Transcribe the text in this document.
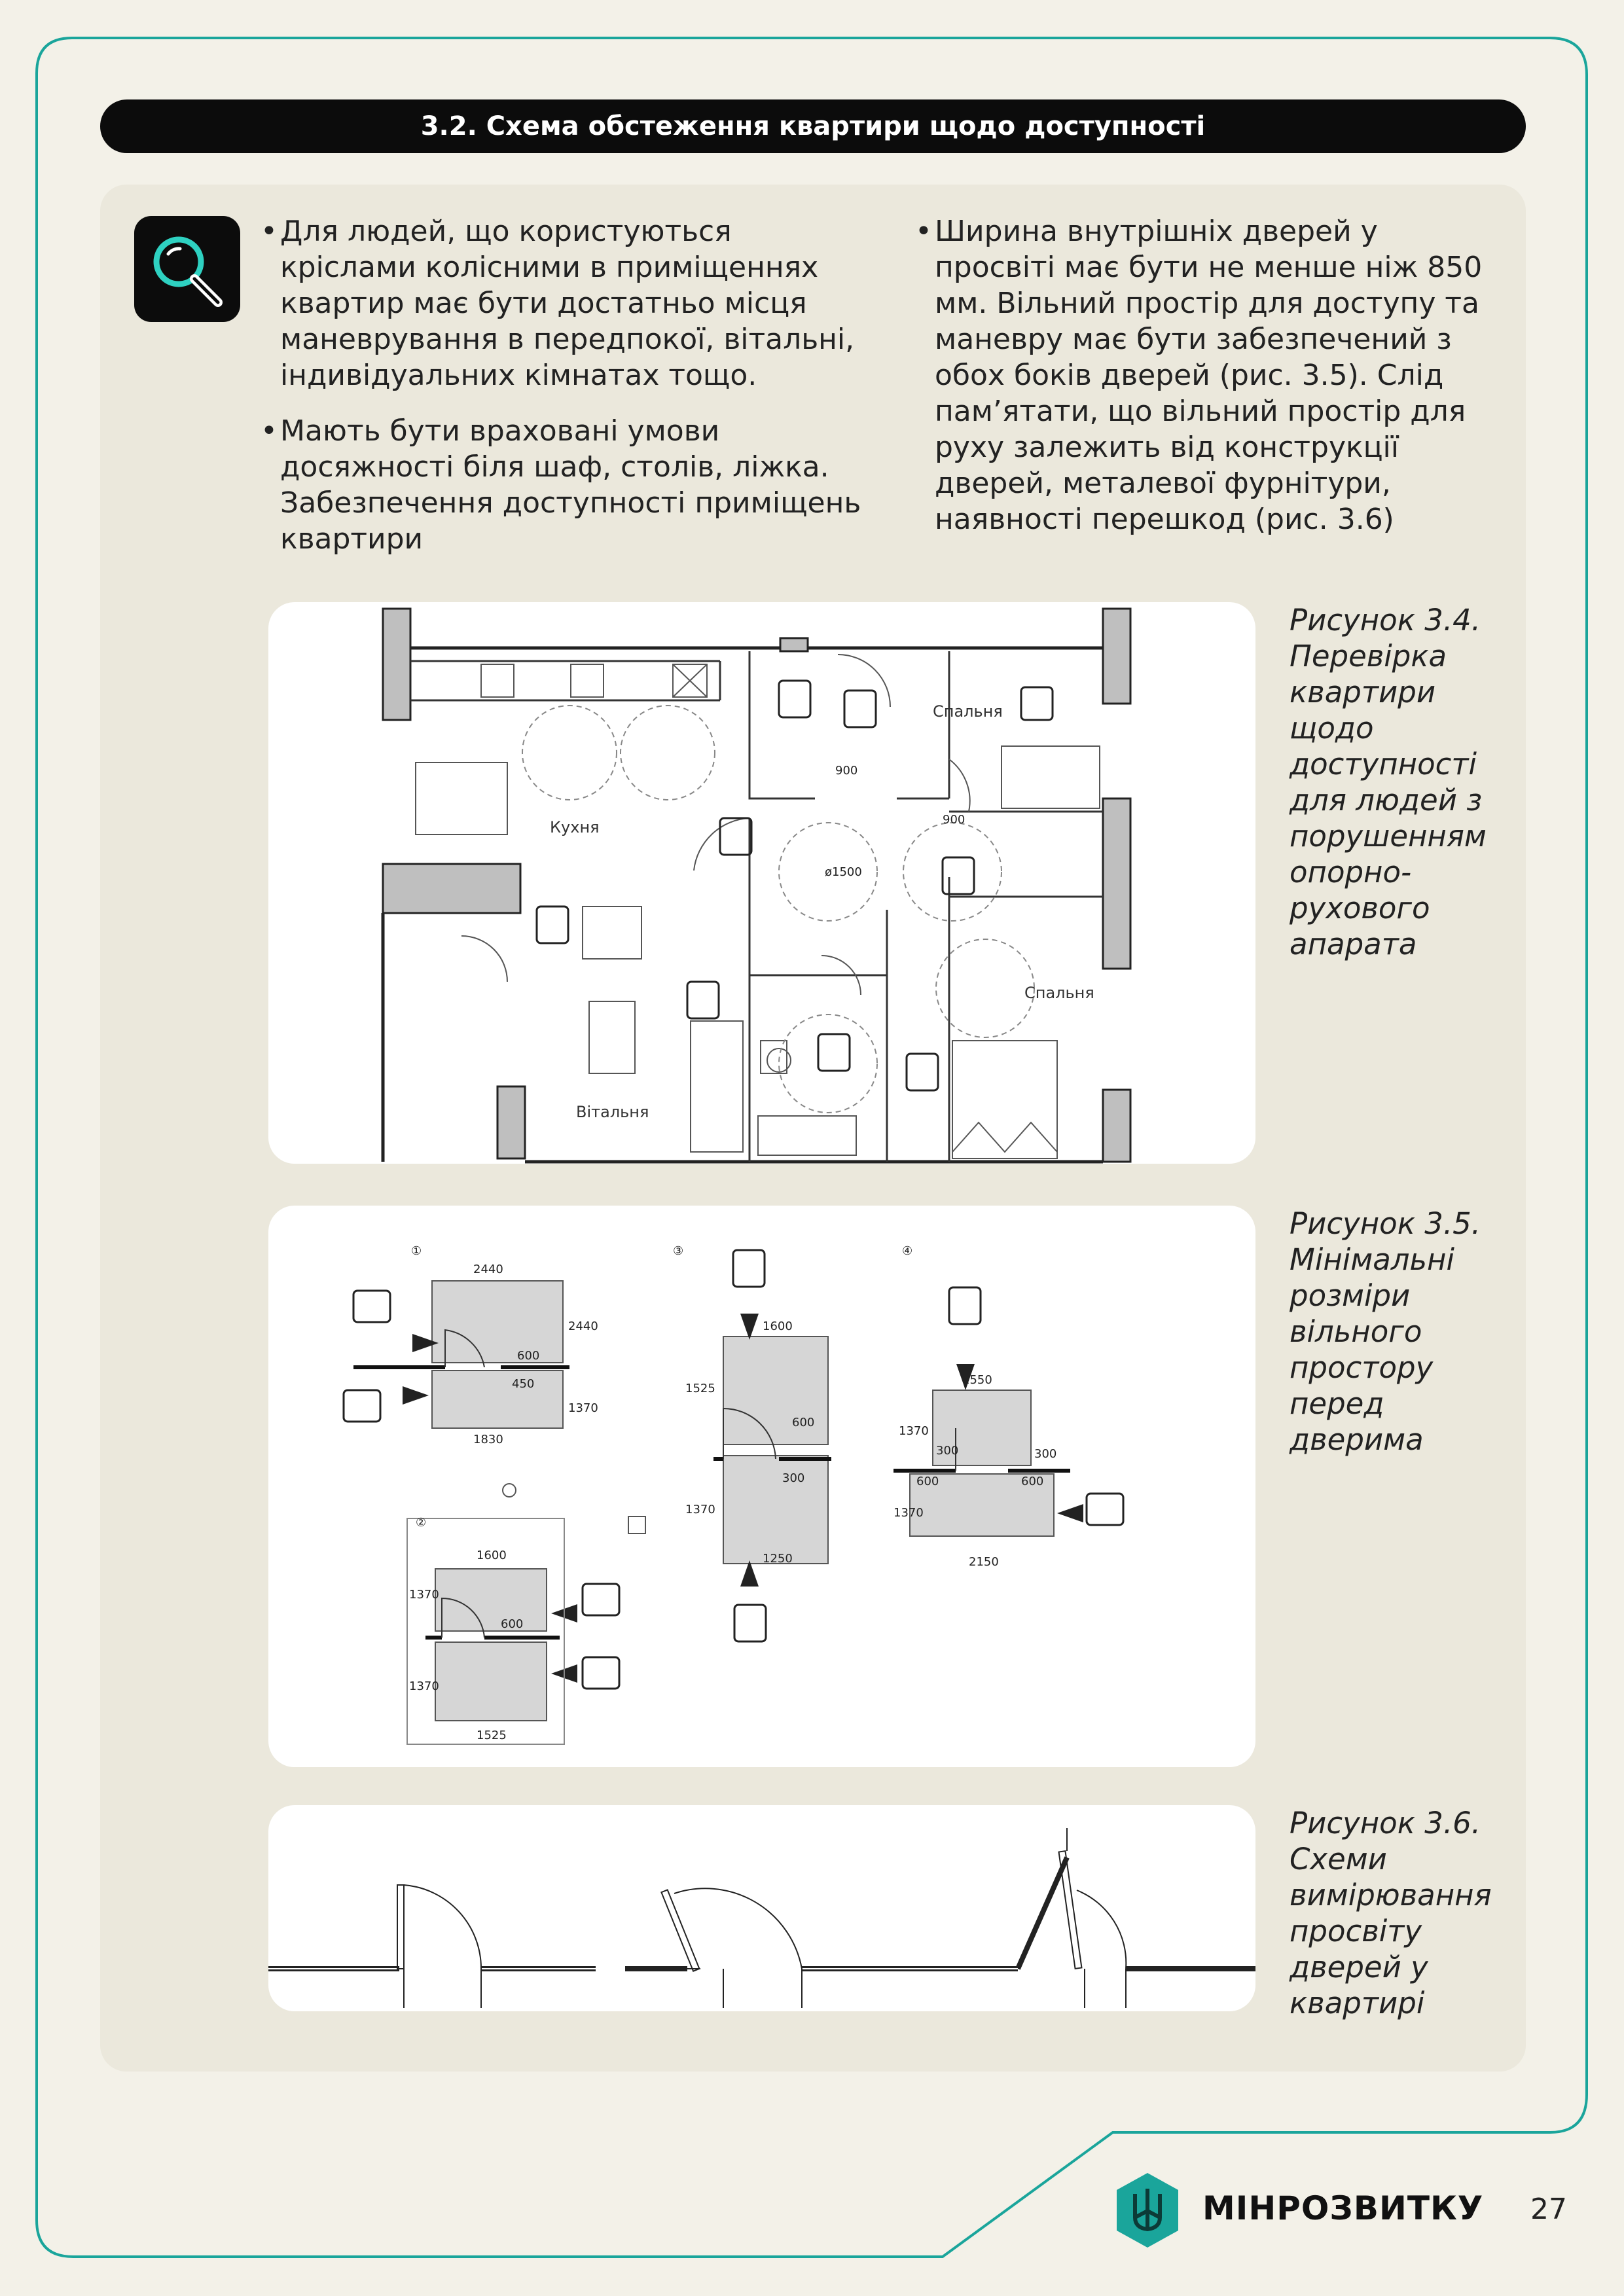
3.2. Схема обстеження квартири щодо доступності
• Для людей, що користуються кріслами колісними в приміщеннях квартир має бути достатньо місця маневрування в передпокої, вітальні, індивідуальних кімнатах тощо.
• Мають бути враховані умови досяжності біля шаф, столів, ліжка. Забезпечення доступності приміщень квартири
• Ширина внутрішніх дверей у просвіті має бути не менше ніж 850 мм. Вільний простір для доступу та маневру має бути забезпечений з обох боків дверей (рис. 3.5). Слід пам’ятати, що вільний простір для руху залежить від конструкції дверей, металевої фурнітури, наявності перешкод (рис. 3.6)
Кухня
Вітальня
Спальня
Спальня
900
900
ø1500
Рисунок 3.4. Перевірка квартири щодо доступності для людей з порушенням опорно-рухового апарата
①
2440
2440
600
450
1370
1830
②
1600
600
1370
1370
1525
③
1600
1525
600
300
1370
1250
④
1550
1370
300	300
600	600
1370
2150
Рисунок 3.5. Мінімальні розміри вільного простору перед дверима
Рисунок 3.6. Схеми вимірювання просвіту дверей у квартирі
МІНРОЗВИТКУ 27
